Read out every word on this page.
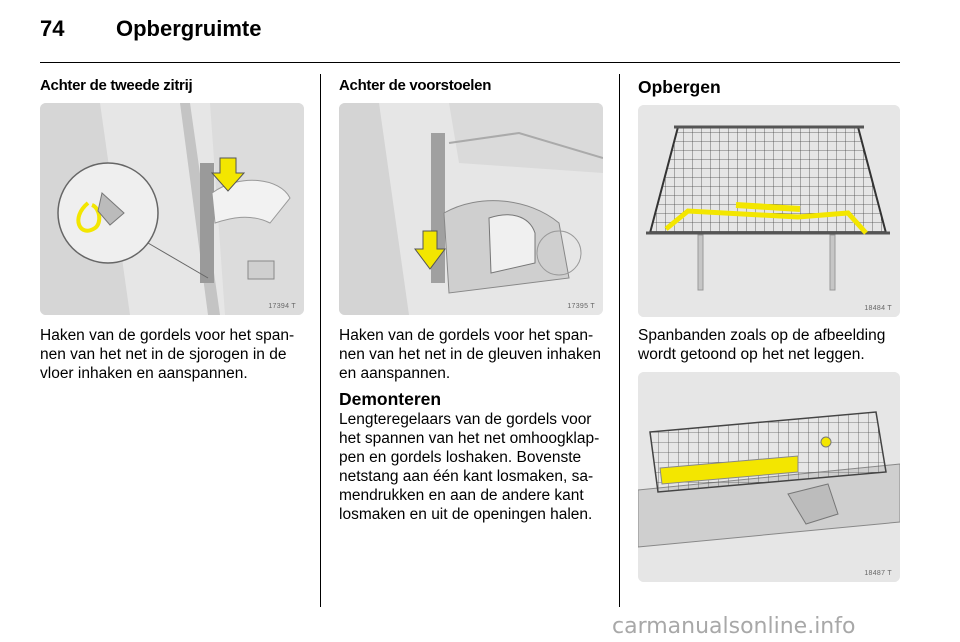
74 Opbergruimte
Achter de tweede zitrij
17394 T
Haken van de gordels voor het span-
nen van het net in de sjorogen in de
vloer inhaken en aanspannen.
Achter de voorstoelen
17395 T
Haken van de gordels voor het span-
nen van het net in de gleuven inhaken
en aanspannen.
Demonteren
Lengteregelaars van de gordels voor
het spannen van het net omhoogklap-
pen en gordels loshaken. Bovenste
netstang aan één kant losmaken, sa-
mendrukken en aan de andere kant
losmaken en uit de openingen halen.
Opbergen
18484 T
Spanbanden zoals op de afbeelding
wordt getoond op het net leggen.
18487 T
carmanualsonline.info
